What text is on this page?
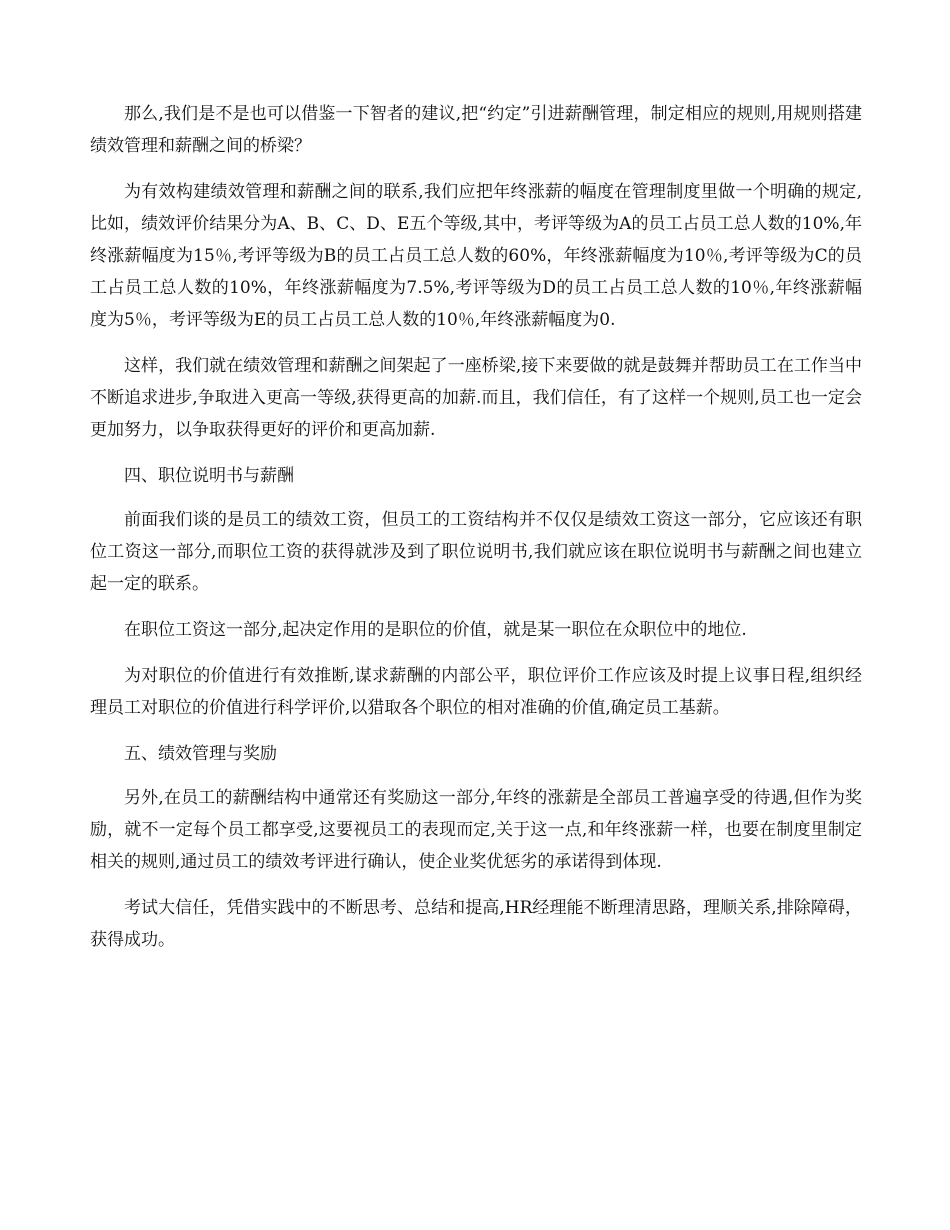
那么,我们是不是也可以借鉴一下智者的建议,把“约定”引进薪酬管理，制定相应的规则,用规则搭建绩效管理和薪酬之间的桥梁？

为有效构建绩效管理和薪酬之间的联系,我们应把年终涨薪的幅度在管理制度里做一个明确的规定,比如，绩效评价结果分为A、B、C、D、E五个等级,其中，考评等级为A的员工占员工总人数的10%,年终涨薪幅度为15％,考评等级为B的员工占员工总人数的60%，年终涨薪幅度为10％,考评等级为C的员工占员工总人数的10%，年终涨薪幅度为7.5%,考评等级为D的员工占员工总人数的10％,年终涨薪幅度为5％，考评等级为E的员工占员工总人数的10％,年终涨薪幅度为0.

这样，我们就在绩效管理和薪酬之间架起了一座桥梁,接下来要做的就是鼓舞并帮助员工在工作当中不断追求进步,争取进入更高一等级,获得更高的加薪.而且，我们信任，有了这样一个规则,员工也一定会更加努力，以争取获得更好的评价和更高加薪.

四、职位说明书与薪酬

前面我们谈的是员工的绩效工资，但员工的工资结构并不仅仅是绩效工资这一部分，它应该还有职位工资这一部分,而职位工资的获得就涉及到了职位说明书,我们就应该在职位说明书与薪酬之间也建立起一定的联系。

在职位工资这一部分,起决定作用的是职位的价值，就是某一职位在众职位中的地位.

为对职位的价值进行有效推断,谋求薪酬的内部公平，职位评价工作应该及时提上议事日程,组织经理员工对职位的价值进行科学评价,以猎取各个职位的相对准确的价值,确定员工基薪。

五、绩效管理与奖励

另外,在员工的薪酬结构中通常还有奖励这一部分,年终的涨薪是全部员工普遍享受的待遇,但作为奖励，就不一定每个员工都享受,这要视员工的表现而定,关于这一点,和年终涨薪一样，也要在制度里制定相关的规则,通过员工的绩效考评进行确认，使企业奖优惩劣的承诺得到体现.

考试大信任，凭借实践中的不断思考、总结和提高,HR经理能不断理清思路，理顺关系,排除障碍，获得成功。
